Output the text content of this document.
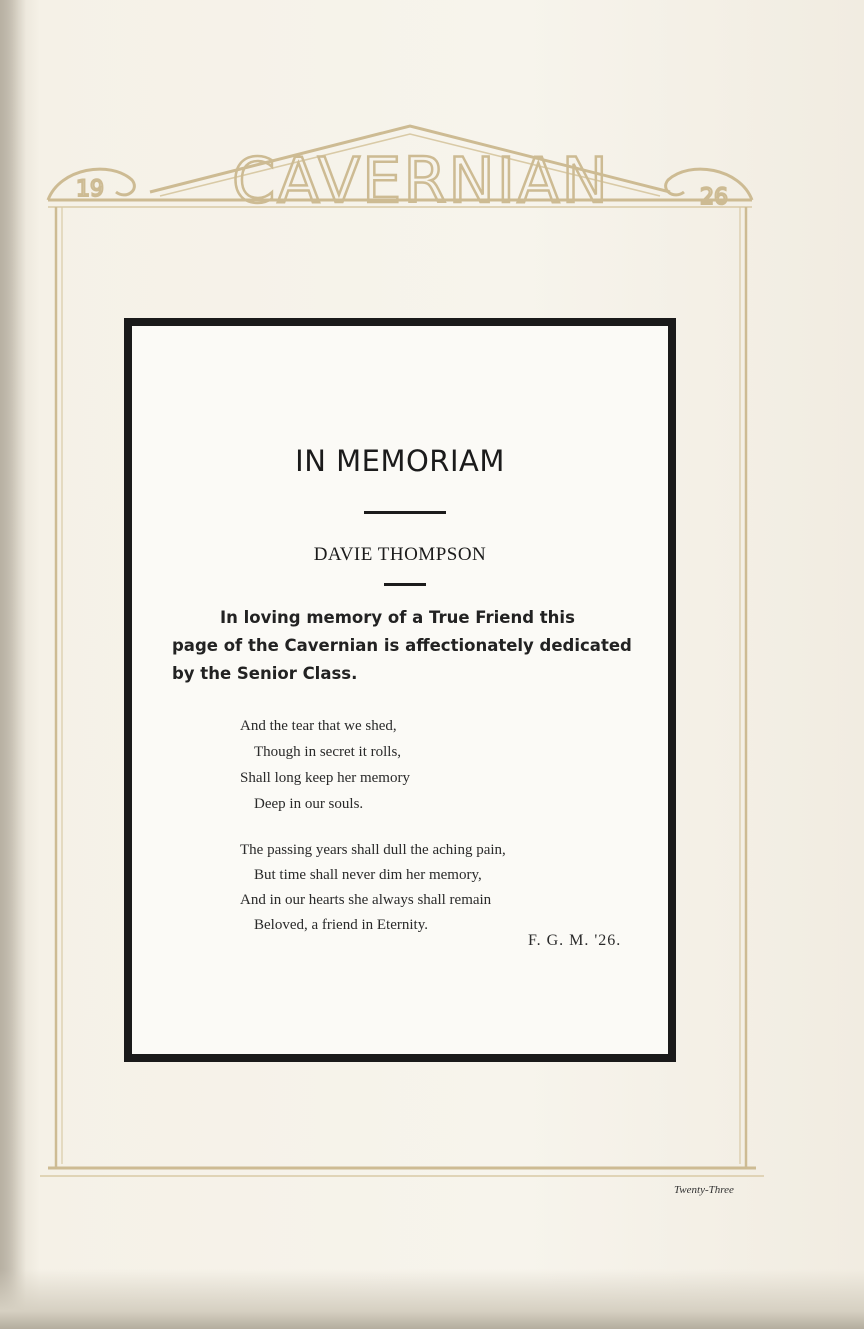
CAVERNIAN
19	26
IN MEMORIAM
DAVIE THOMPSON
In loving memory of a True Friend this
page of the Cavernian is affectionately dedicated
by the Senior Class.
And the tear that we shed,
Though in secret it rolls,
Shall long keep her memory
Deep in our souls.
The passing years shall dull the aching pain,
But time shall never dim her memory,
And in our hearts she always shall remain
Beloved, a friend in Eternity.
F. G. M. '26.
Twenty-Three
